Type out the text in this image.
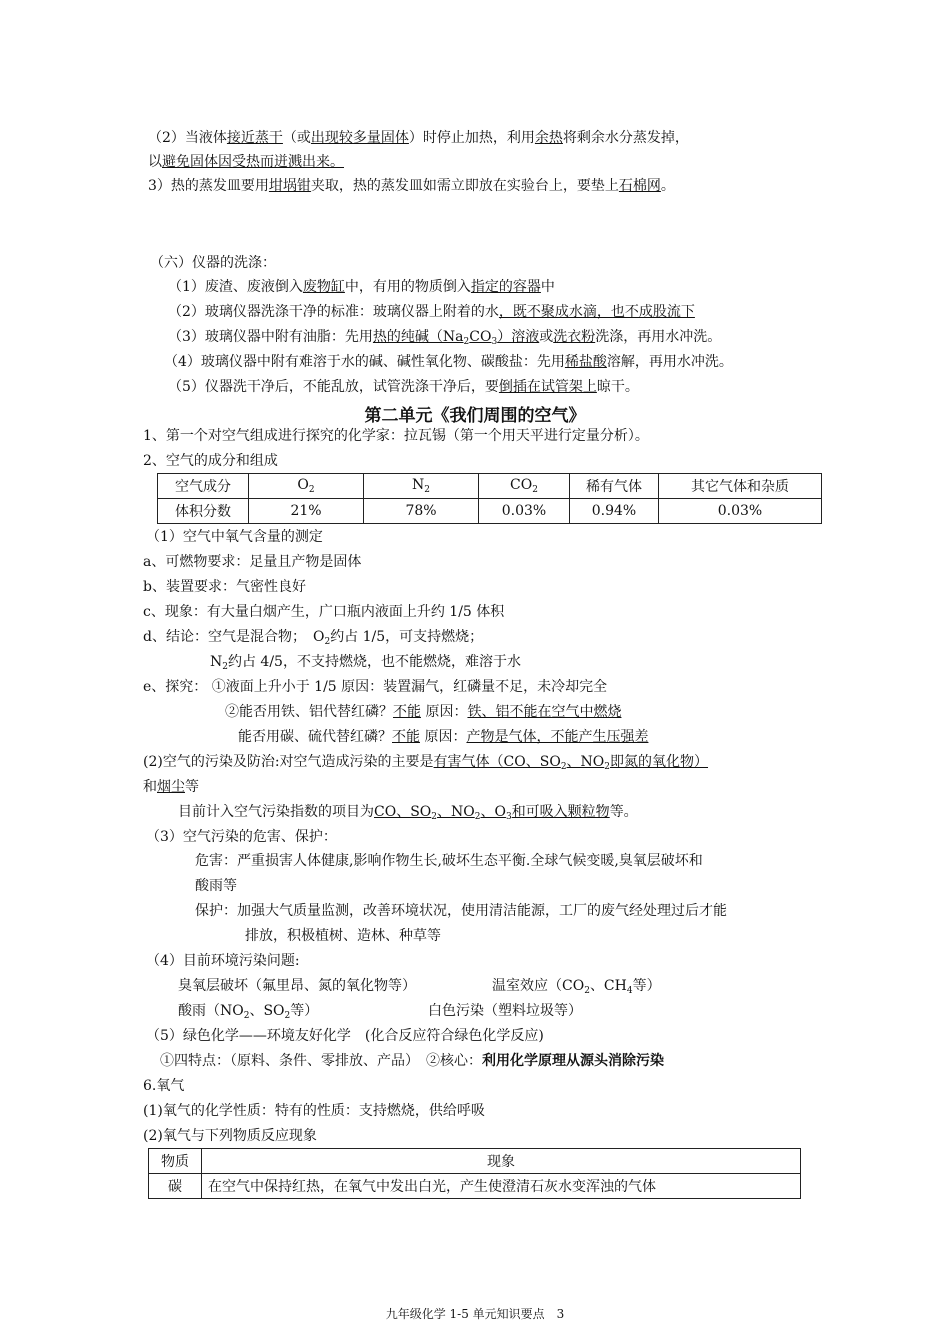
（2）当液体接近蒸干（或出现较多量固体）时停止加热，利用余热将剩余水分蒸发掉，
以避免固体因受热而迸溅出来。
3）热的蒸发皿要用坩埚钳夹取，热的蒸发皿如需立即放在实验台上，要垫上石棉网。
（六）仪器的洗涤：
（1）废渣、废液倒入废物缸中，有用的物质倒入指定的容器中
（2）玻璃仪器洗涤干净的标准：玻璃仪器上附着的水，既不聚成水滴，也不成股流下
（3）玻璃仪器中附有油脂：先用热的纯碱$(Na_2CO_3)$溶液或洗衣粉洗涤，再用水冲洗。
（4）玻璃仪器中附有难溶于水的碱、碱性氧化物、碳酸盐：先用稀盐酸溶解，再用水冲洗。
（5）仪器洗干净后，不能乱放，试管洗涤干净后，要倒插在试管架上晾干。
第二单元《我们周围的空气》
1、第一个对空气组成进行探究的化学家：拉瓦锡（第一个用天平进行定量分析）。
2、空气的成分和组成
空气成分	$O_2$	$N_2$	$CO_2$	稀有气体	其它气体和杂质
体积分数	21%	78%	0.03%	0.94%	0.03%
（1）空气中氧气含量的测定
a、可燃物要求：足量且产物是固体
b、装置要求：气密性良好
c、现象：有大量白烟产生，广口瓶内液面上升约 1/5 体积
d、结论：空气是混合物；　$O_2$约占 1/5，可支持燃烧；
$N_2$约占 4/5，不支持燃烧，也不能燃烧，难溶于水
e、探究： ①液面上升小于 1/5 原因：装置漏气，红磷量不足，未冷却完全
②能否用铁、铝代替红磷？不能 原因：铁、铝不能在空气中燃烧
能否用碳、硫代替红磷？不能 原因：产物是气体，不能产生压强差
(2)空气的污染及防治:对空气造成污染的主要是有害气体（CO、$SO_2$、$NO_2$即氮的氧化物）
和烟尘等
目前计入空气污染指数的项目为CO、$SO_2$、$NO_2$、$O_3$和可吸入颗粒物等。
（3）空气污染的危害、保护：
危害：严重损害人体健康,影响作物生长,破坏生态平衡.全球气候变暖,臭氧层破坏和
酸雨等
保护：加强大气质量监测，改善环境状况，使用清洁能源，工厂的废气经处理过后才能
排放，积极植树、造林、种草等
（4）目前环境污染问题:
臭氧层破坏（氟里昂、氮的氧化物等）	温室效应（$CO_2$、$CH_4$等）
酸雨（$NO_2$、$SO_2$等）	白色污染（塑料垃圾等）
（5）绿色化学——环境友好化学　(化合反应符合绿色化学反应)
①四特点：（原料、条件、零排放、产品）　②核心：利用化学原理从源头消除污染
6.氧气
(1)氧气的化学性质：特有的性质：支持燃烧，供给呼吸
(2)氧气与下列物质反应现象
物质	现象
碳	在空气中保持红热，在氧气中发出白光，产生使澄清石灰水变浑浊的气体
九年级化学 1-5 单元知识要点　3
